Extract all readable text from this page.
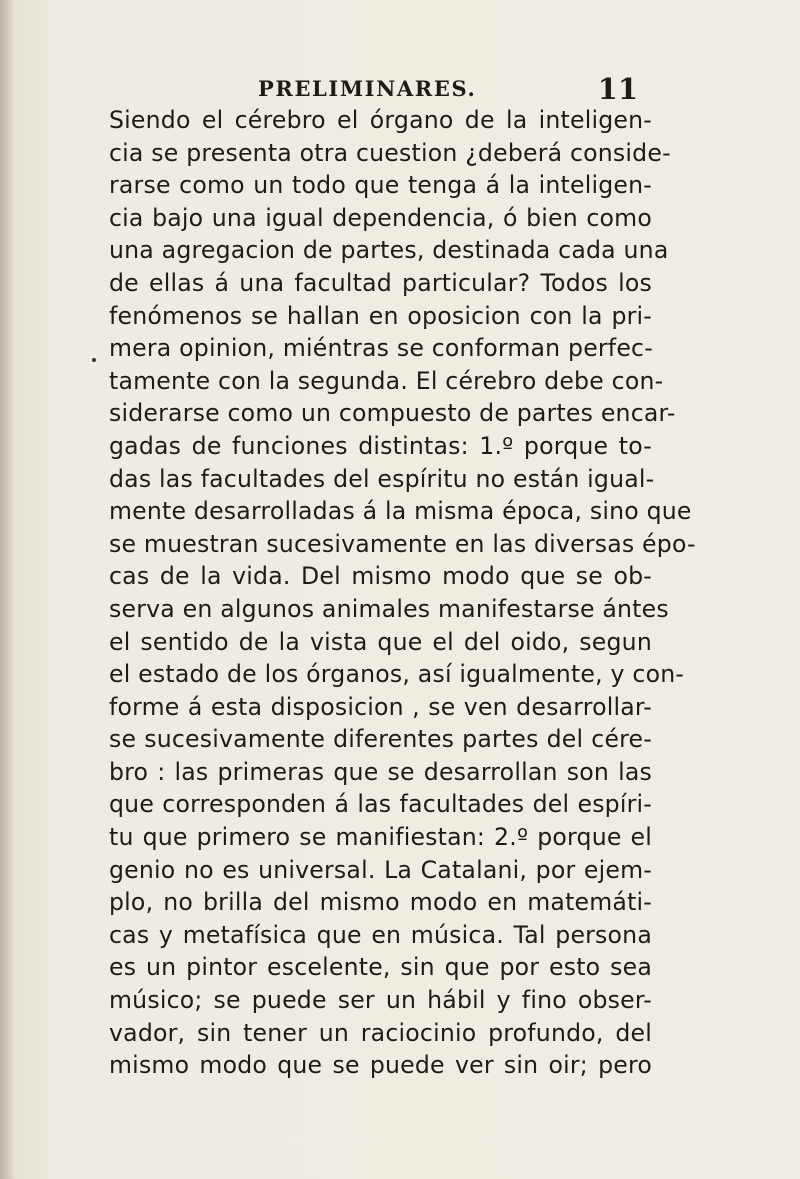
PRELIMINARES.	11
Siendo el cérebro el órgano de la inteligen-
cia se presenta otra cuestion ¿deberá conside-
rarse como un todo que tenga á la inteligen-
cia bajo una igual dependencia, ó bien como
una agregacion de partes, destinada cada una
de ellas á una facultad particular? Todos los
fenómenos se hallan en oposicion con la pri-
mera opinion, miéntras se conforman perfec-
tamente con la segunda. El cérebro debe con-
siderarse como un compuesto de partes encar-
gadas de funciones distintas: 1.º porque to-
das las facultades del espíritu no están igual-
mente desarrolladas á la misma época, sino que
se muestran sucesivamente en las diversas épo-
cas de la vida. Del mismo modo que se ob-
serva en algunos animales manifestarse ántes
el sentido de la vista que el del oido, segun
el estado de los órganos, así igualmente, y con-
forme á esta disposicion , se ven desarrollar-
se sucesivamente diferentes partes del cére-
bro : las primeras que se desarrollan son las
que corresponden á las facultades del espíri-
tu que primero se manifiestan: 2.º porque el
genio no es universal. La Catalani, por ejem-
plo, no brilla del mismo modo en matemáti-
cas y metafísica que en música. Tal persona
es un pintor escelente, sin que por esto sea
músico; se puede ser un hábil y fino obser-
vador, sin tener un raciocinio profundo, del
mismo modo que se puede ver sin oir; pero
